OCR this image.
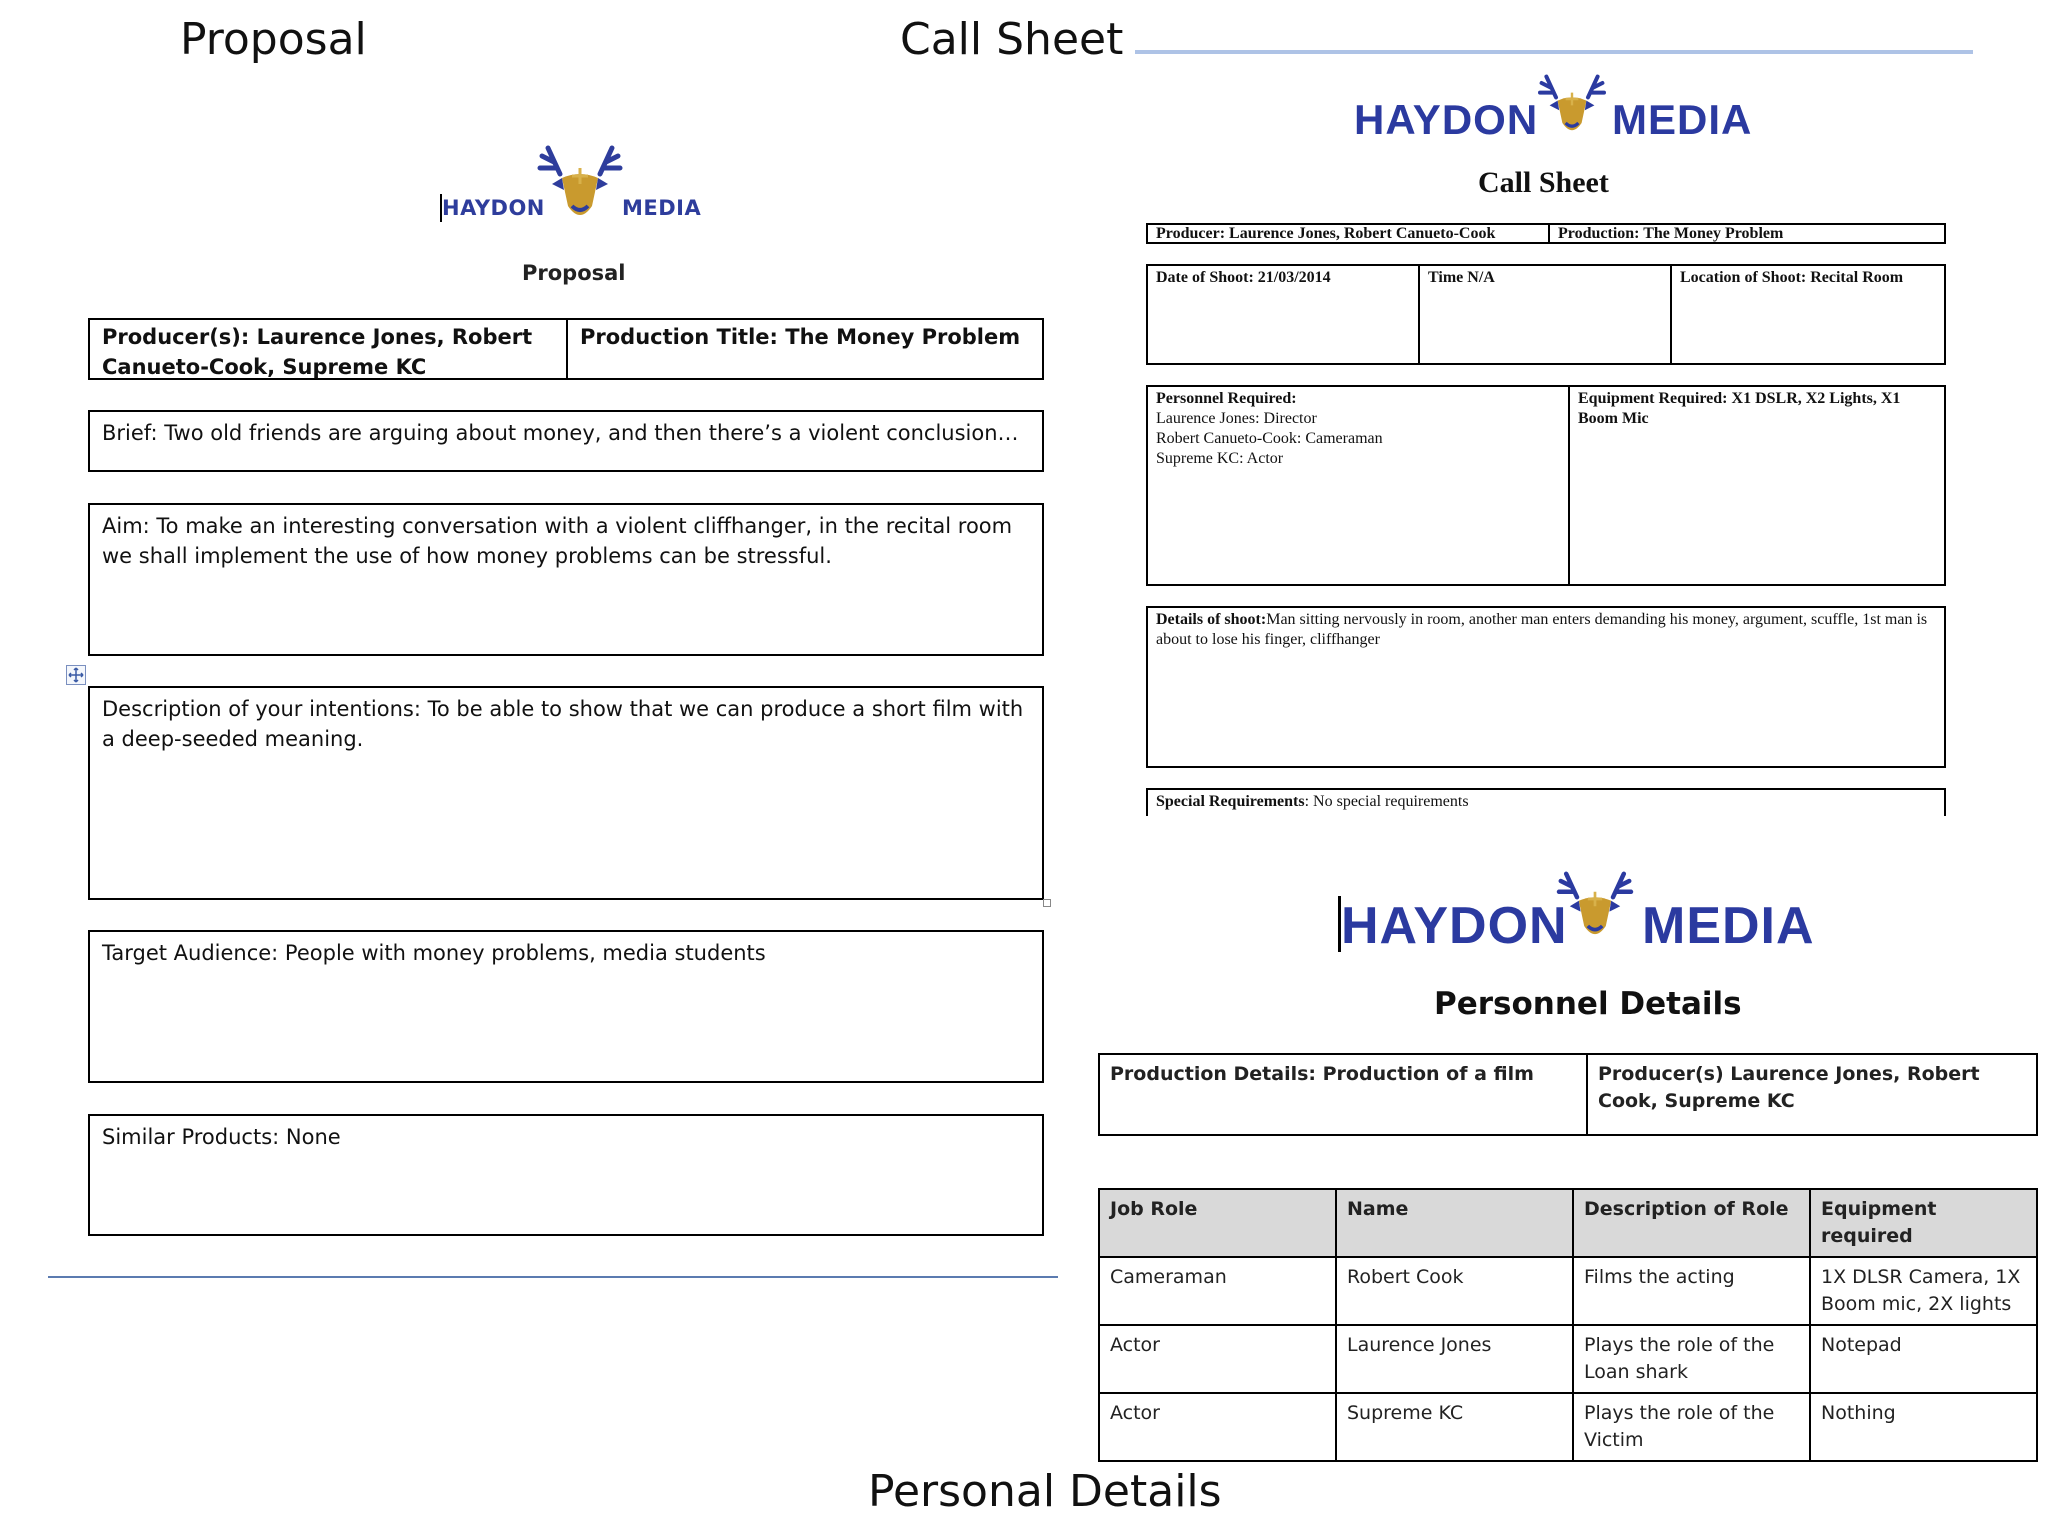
Proposal	Call Sheet
Personal Details
HAYDON	MEDIA
Proposal
Producer(s): Laurence Jones, Robert Canueto-Cook, Supreme KC
Production Title: The Money Problem
Brief: Two old friends are arguing about money, and then there’s a violent conclusion…
Aim: To make an interesting conversation with a violent cliffhanger, in the recital room we shall implement the use of how money problems can be stressful.
Description of your intentions: To be able to show that we can produce a short film with a deep-seeded meaning.
Target Audience: People with money problems, media students
Similar Products: None
HAYDON MEDIA
Call Sheet
Producer: Laurence Jones, Robert Canueto-Cook	Production: The Money Problem
Date of Shoot: 21/03/2014	Time N/A	Location of Shoot: Recital Room
Personnel Required:
Laurence Jones: Director
Robert Canueto-Cook: Cameraman
Supreme KC: Actor
Equipment Required: X1 DSLR, X2 Lights, X1 Boom Mic
Details of shoot:Man sitting nervously in room, another man enters demanding his money, argument, scuffle, 1st man is about to lose his finger, cliffhanger
Special Requirements: No special requirements
HAYDON MEDIA
Personnel Details
Production Details: Production of a film	Producer(s) Laurence Jones, Robert Cook, Supreme KC
Job Role	Name	Description of Role	Equipment required
Cameraman	Robert Cook	Films the acting	1X DLSR Camera, 1X Boom mic, 2X lights
Actor	Laurence Jones	Plays the role of the Loan shark	Notepad
Actor	Supreme KC	Plays the role of the Victim	Nothing
